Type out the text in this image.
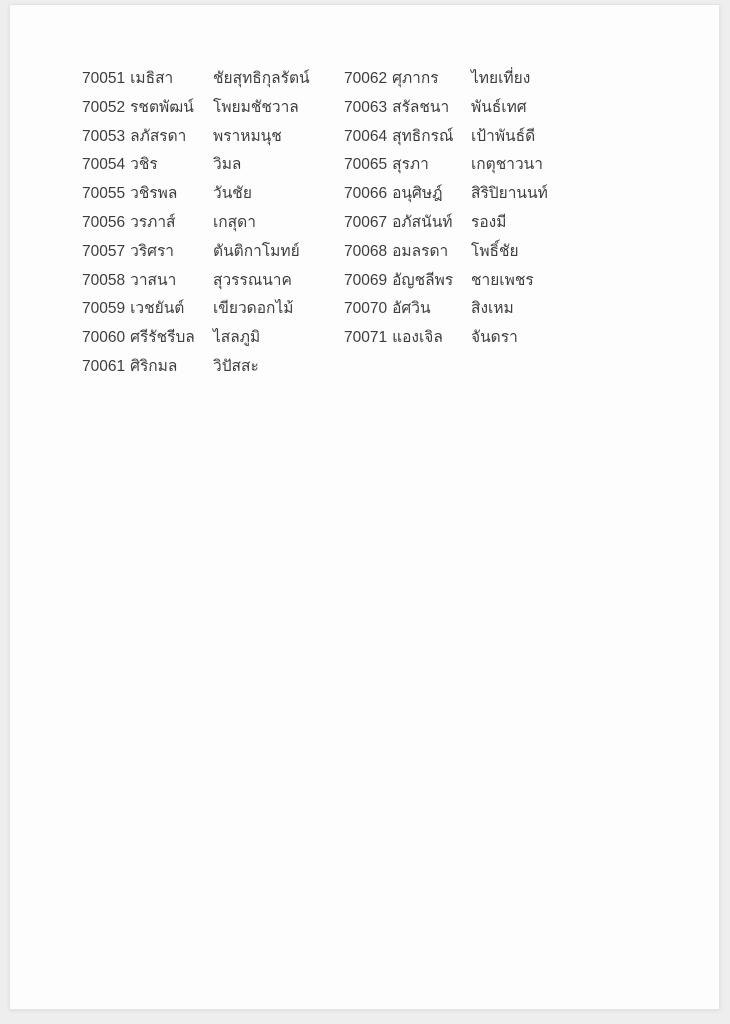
70051 เมธิสา	ชัยสุทธิกุลรัตน์
70052 รชตพัฒน์	โพยมชัชวาล
70053 ลภัสรดา	พราหมนุช
70054 วชิร	วิมล
70055 วชิรพล	วันชัย
70056 วรภาส์	เกสุดา
70057 วริศรา	ตันติกาโมทย์
70058 วาสนา	สุวรรณนาค
70059 เวชยันต์	เขียวดอกไม้
70060 ศรีรัชรีบล	ไสลภูมิ
70061 ศิริกมล	วิปัสสะ
70062 ศุภากร	ไทยเที่ยง
70063 สรัลชนา	พันธ์เทศ
70064 สุทธิกรณ์	เป้าพันธ์ดี
70065 สุรภา	เกตุชาวนา
70066 อนุศิษฎ์	สิริปิยานนท์
70067 อภัสนันท์	รองมี
70068 อมลรดา	โพธิ์ชัย
70069 อัญชลีพร	ชายเพชร
70070 อัศวิน	สิงเหม
70071 แองเจิล	จันดรา
